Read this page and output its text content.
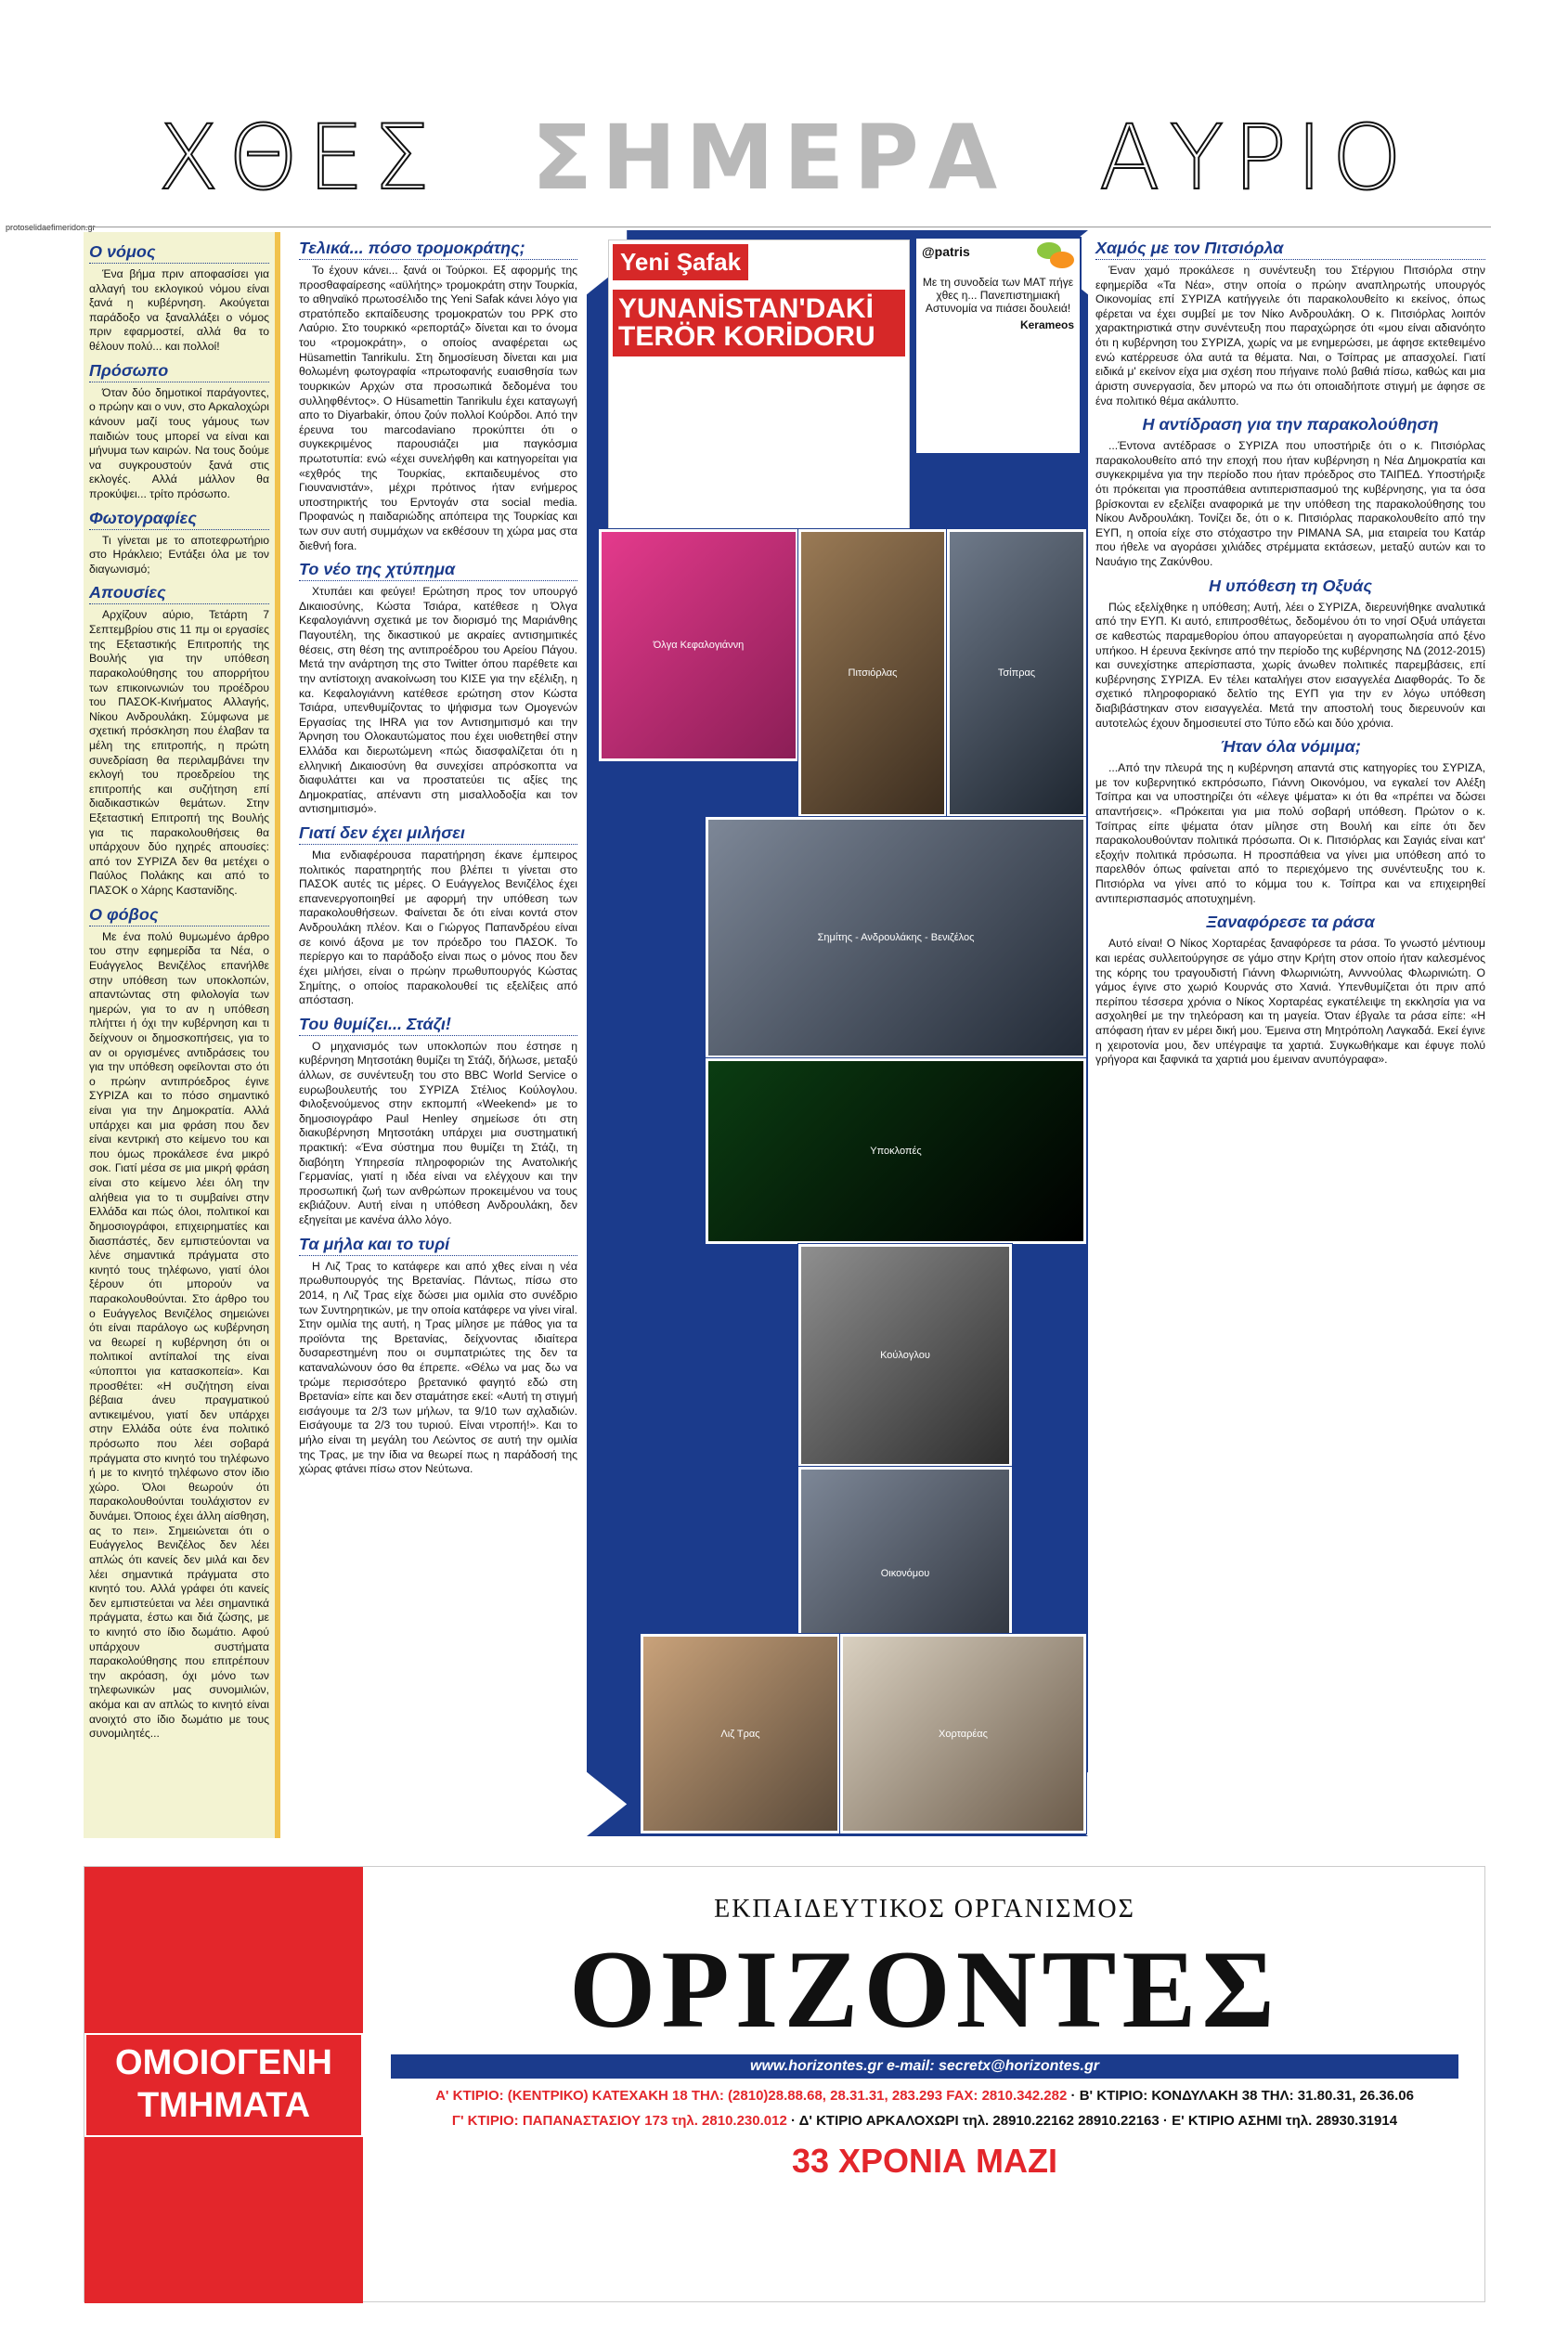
ΧΘΕΣ ΣΗΜΕΡΑ ΑΥΡΙΟ
protoselidaefimeridon.gr
Ο νόμος

Ένα βήμα πριν αποφασίσει για αλλαγή του εκλογικού νόμου είναι ξανά η κυβέρνηση. Ακούγεται παράδοξο να ξαναλλάξει ο νόμος πριν εφαρμοστεί, αλλά θα το θέλουν πολύ... και πολλοί!

Πρόσωπο

Όταν δύο δημοτικοί παράγοντες, ο πρώην και ο νυν, στο Αρκαλοχώρι κάνουν μαζί τους γάμους των παιδιών τους μπορεί να είναι και μήνυμα των καιρών. Να τους δούμε να συγκρουστούν ξανά στις εκλογές. Αλλά μάλλον θα προκύψει... τρίτο πρόσωπο.

Φωτογραφίες

Τι γίνεται με το αποτεφρωτήριο στο Ηράκλειο; Εντάξει όλα με τον διαγωνισμό;

Απουσίες

Αρχίζουν αύριο, Τετάρτη 7 Σεπτεμβρίου στις 11 πμ οι εργασίες της Εξεταστικής Επιτροπής της Βουλής για την υπόθεση παρακολούθησης του απορρήτου των επικοινωνιών του προέδρου του ΠΑΣΟΚ-Κινήματος Αλλαγής, Νίκου Ανδρουλάκη. Σύμφωνα με σχετική πρόσκληση που έλαβαν τα μέλη της επιτροπής, η πρώτη συνεδρίαση θα περιλαμβάνει την εκλογή του προεδρείου της επιτροπής και συζήτηση επί διαδικαστικών θεμάτων. Στην Εξεταστική Επιτροπή της Βουλής για τις παρακολουθήσεις θα υπάρχουν δύο ηχηρές απουσίες: από τον ΣΥΡΙΖΑ δεν θα μετέχει ο Παύλος Πολάκης και από το ΠΑΣΟΚ ο Χάρης Καστανίδης.

Ο φόβος

Με ένα πολύ θυμωμένο άρθρο του στην εφημερίδα τα Νέα, ο Ευάγγελος Βενιζέλος επανήλθε στην υπόθεση των υποκλοπών, απαντώντας στη φιλολογία των ημερών, για το αν η υπόθεση πλήττει ή όχι την κυβέρνηση και τι δείχνουν οι δημοσκοπήσεις, για το αν οι οργισμένες αντιδράσεις του για την υπόθεση οφείλονται στο ότι ο πρώην αντιπρόεδρος έγινε ΣΥΡΙΖΑ και το πόσο σημαντικό είναι για την Δημοκρατία. Αλλά υπάρχει και μια φράση που δεν είναι κεντρική στο κείμενο του και που όμως προκάλεσε ένα μικρό σοκ. Γιατί μέσα σε μια μικρή φράση είναι στο κείμενο λέει όλη την αλήθεια για το τι συμβαίνει στην Ελλάδα και πώς όλοι, πολιτικοί και δημοσιογράφοι, επιχειρηματίες και διασπάστές, δεν εμπιστεύονται να λένε σημαντικά πράγματα στο κινητό τους τηλέφωνο, γιατί όλοι ξέρουν ότι μπορούν να παρακολουθούνται. Στο άρθρο του ο Ευάγγελος Βενιζέλος σημειώνει ότι είναι παράλογο ως κυβέρνηση να θεωρεί η κυβέρνηση ότι οι πολιτικοί αντίπαλοί της είναι «ύποπτοι για κατασκοπεία». Και προσθέτει: «Η συζήτηση είναι βέβαια άνευ πραγματικού αντικειμένου, γιατί δεν υπάρχει στην Ελλάδα ούτε ένα πολιτικό πρόσωπο που λέει σοβαρά πράγματα στο κινητό του τηλέφωνο ή με το κινητό τηλέφωνο στον ίδιο χώρο. Όλοι θεωρούν ότι παρακολουθούνται τουλάχιστον εν δυνάμει. Όποιος έχει άλλη αίσθηση, ας το πει». Σημειώνεται ότι ο Ευάγγελος Βενιζέλος δεν λέει απλώς ότι κανείς δεν μιλά και δεν λέει σημαντικά πράγματα στο κινητό του. Αλλά γράφει ότι κανείς δεν εμπιστεύεται να λέει σημαντικά πράγματα, έστω και διά ζώσης, με το κινητό στο ίδιο δωμάτιο. Αφού υπάρχουν συστήματα παρακολούθησης που επιτρέπουν την ακρόαση, όχι μόνο των τηλεφωνικών μας συνομιλιών, ακόμα και αν απλώς το κινητό είναι ανοιχτό στο ίδιο δωμάτιο με τους συνομιλητές...

Τελικά... πόσο τρομοκράτης;

Το έχουν κάνει... ξανά οι Τούρκοι. Εξ αφορμής της προσθαφαίρεσης «αϋλήτης» τρομοκράτη στην Τουρκία, το αθηναϊκό πρωτοσέλιδο της Yeni Safak κάνει λόγο για στρατόπεδο εκπαίδευσης τρομοκρατών του PPK στο Λαύριο. Στο τουρκικό «ρεπορτάζ» δίνεται και το όνομα του «τρομοκράτη», ο οποίος αναφέρεται ως Hüsamettin Tanrikulu. Στη δημοσίευση δίνεται και μια θολωμένη φωτογραφία «πρωτοφανής ευαισθησία των τουρκικών Αρχών στα προσωπικά δεδομένα του συλληφθέντος». Ο Hüsamettin Tanrikulu έχει καταγωγή απο το Diyarbakir, όπου ζούν πολλοί Κούρδοι. Από την έρευνα του marcodaviano προκύπτει ότι ο συγκεκριμένος παρουσιάζει μια παγκόσμια πρωτοτυπία: ενώ «έχει συνελήφθη και κατηγορείται για «εχθρός της Τουρκίας, εκπαιδευμένος στο Γιουνανιστάν», μέχρι πρότινος ήταν ενήμερος υποστηρικτής του Ερντογάν στα social media. Προφανώς η παιδαριώδης απόπειρα της Τουρκίας και των συν αυτή συμμάχων να εκθέσουν τη χώρα μας στα διεθνή fora.

Το νέο της χτύπημα

Χτυπάει και φεύγει! Ερώτηση προς τον υπουργό Δικαιοσύνης, Κώστα Τσιάρα, κατέθεσε η Όλγα Κεφαλογιάννη σχετικά με τον διορισμό της Μαριάνθης Παγουτέλη, της δικαστικού με ακραίες αντισημιτικές θέσεις, στη θέση της αντιπροέδρου του Αρείου Πάγου. Μετά την ανάρτηση της στο Twitter όπου παρέθετε και την αντίστοιχη ανακοίνωση του ΚΙΣΕ για την εξέλιξη, η κα. Κεφαλογιάννη κατέθεσε ερώτηση στον Κώστα Τσιάρα, υπενθυμίζοντας το ψήφισμα των Ομογενών Εργασίας της IHRA για τον Αντισημιτισμό και την Άρνηση του Ολοκαυτώματος που έχει υιοθετηθεί στην Ελλάδα και διερωτώμενη «πώς διασφαλίζεται ότι η ελληνική Δικαιοσύνη θα συνεχίσει απρόσκοπτα να διαφυλάττει και να προστατεύει τις αξίες της Δημοκρατίας, απέναντι στη μισαλλοδοξία και τον αντισημιτισμό».

Γιατί δεν έχει μιλήσει

Μια ενδιαφέρουσα παρατήρηση έκανε έμπειρος πολιτικός παρατηρητής που βλέπει τι γίνεται στο ΠΑΣΟΚ αυτές τις μέρες. Ο Ευάγγελος Βενιζέλος έχει επανενεργοποιηθεί με αφορμή την υπόθεση των παρακολουθήσεων. Φαίνεται δε ότι είναι κοντά στον Ανδρουλάκη πλέον. Και ο Γιώργος Παπανδρέου είναι σε κοινό άξονα με τον πρόεδρο του ΠΑΣΟΚ. Το περίεργο και το παράδοξο είναι πως ο μόνος που δεν έχει μιλήσει, είναι ο πρώην πρωθυπουργός Κώστας Σημίτης, ο οποίος παρακολουθεί τις εξελίξεις από απόσταση.

Του θυμίζει... Στάζι!

Ο μηχανισμός των υποκλοπών που έστησε η κυβέρνηση Μητσοτάκη θυμίζει τη Στάζι, δήλωσε, μεταξύ άλλων, σε συνέντευξη του στο BBC World Service ο ευρωβουλευτής του ΣΥΡΙΖΑ Στέλιος Κούλογλου. Φιλοξενούμενος στην εκπομπή «Weekend» με το δημοσιογράφο Paul Henley σημείωσε ότι στη διακυβέρνηση Μητσοτάκη υπάρχει μια συστηματική πρακτική: «Ένα σύστημα που θυμίζει τη Στάζι, τη διαβόητη Υπηρεσία πληροφοριών της Ανατολικής Γερμανίας, γιατί η ιδέα είναι να ελέγχουν και την προσωπική ζωή των ανθρώπων προκειμένου να τους εκβιάζουν. Αυτή είναι η υπόθεση Ανδρουλάκη, δεν εξηγείται με κανένα άλλο λόγο.

Τα μήλα και το τυρί

Η Λιζ Τρας το κατάφερε και από χθες είναι η νέα πρωθυπουργός της Βρετανίας. Πάντως, πίσω στο 2014, η Λιζ Τρας είχε δώσει μια ομιλία στο συνέδριο των Συντηρητικών, με την οποία κατάφερε να γίνει viral. Στην ομιλία της αυτή, η Τρας μίλησε με πάθος για τα προϊόντα της Βρετανίας, δείχνοντας ιδιαίτερα δυσαρεστημένη που οι συμπατριώτες της δεν τα καταναλώνουν όσο θα έπρεπε. «Θέλω να μας δω να τρώμε περισσότερο βρετανικό φαγητό εδώ στη Βρετανία» είπε και δεν σταμάτησε εκεί: «Αυτή τη στιγμή εισάγουμε τα 2/3 των μήλων, τα 9/10 των αχλαδιών. Εισάγουμε τα 2/3 του τυριού. Είναι ντροπή!». Και το μήλο είναι τη μεγάλη του Λεώντος σε αυτή την ομιλία της Τρας, με την ίδια να θεωρεί πως η παράδοσή της χώρας φτάνει πίσω στον Νεύτωνα.

Yeni Şafak
YUNANİSTAN'DAKİ TERÖR KORİDORU
@patris
Με τη συνοδεία των ΜΑΤ πήγε χθες η... Πανεπιστημιακή Αστυνομία να πιάσει δουλειά!
Kerameos
Όλγα Κεφαλογιάννη
Πιτσιόρλας	Τσίπρας
Σημίτης - Ανδρουλάκης - Βενιζέλος
Υποκλοπές
Κούλογλου
Οικονόμου
Λιζ Τρας	Χορταρέας
Χαμός με τον Πιτσιόρλα

Έναν χαμό προκάλεσε η συνέντευξη του Στέργιου Πιτσιόρλα στην εφημερίδα «Τα Νέα», στην οποία ο πρώην αναπληρωτής υπουργός Οικονομίας επί ΣΥΡΙΖΑ κατήγγειλε ότι παρακολουθείτο κι εκείνος, όπως φέρεται να έχει συμβεί με τον Νίκο Ανδρουλάκη. Ο κ. Πιτσιόρλας λοιπόν χαρακτηριστικά στην συνέντευξη που παραχώρησε ότι «μου είναι αδιανόητο ότι η κυβέρνηση του ΣΥΡΙΖΑ, χωρίς να με ενημερώσει, με άφησε εκτεθειμένο ενώ κατέρρευσε όλα αυτά τα θέματα. Ναι, ο Τσίπρας με απασχολεί. Γιατί ειδικά μ' εκείνον είχα μια σχέση που πήγαινε πολύ βαθιά πίσω, καθώς και μια άριστη συνεργασία, δεν μπορώ να πω ότι οποιαδήποτε στιγμή με άφησε σε ένα πολιτικό θέμα ακάλυπτο.

Η αντίδραση για την παρακολούθηση

...Έντονα αντέδρασε ο ΣΥΡΙΖΑ που υποστήριξε ότι ο κ. Πιτσιόρλας παρακολουθείτο από την εποχή που ήταν κυβέρνηση η Νέα Δημοκρατία και συγκεκριμένα για την περίοδο που ήταν πρόεδρος στο ΤΑΙΠΕΔ. Υποστήριξε ότι πρόκειται για προσπάθεια αντιπερισπασμού της κυβέρνησης, για τα όσα βρίσκονται εν εξελίξει αναφορικά με την υπόθεση της παρακολούθησης του Νίκου Ανδρουλάκη. Τονίζει δε, ότι ο κ. Πιτσιόρλας παρακολουθείτο από την ΕΥΠ, η οποία είχε στο στόχαστρο την PIMANA SA, μια εταιρεία του Κατάρ που ήθελε να αγοράσει χιλιάδες στρέμματα εκτάσεων, μεταξύ αυτών και το Ναυάγιο της Ζακύνθου.

Η υπόθεση τη Οξυάς

Πώς εξελίχθηκε η υπόθεση; Αυτή, λέει ο ΣΥΡΙΖΑ, διερευνήθηκε αναλυτικά από την ΕΥΠ. Κι αυτό, επιπροσθέτως, δεδομένου ότι το νησί Οξυά υπάγεται σε καθεστώς παραμεθορίου όπου απαγορεύεται η αγοραπωλησία από ξένο υπήκοο. Η έρευνα ξεκίνησε από την περίοδο της κυβέρνησης ΝΔ (2012-2015) και συνεχίστηκε απερίσπαστα, χωρίς άνωθεν πολιτικές παρεμβάσεις, επί κυβέρνησης ΣΥΡΙΖΑ. Εν τέλει καταλήγει στον εισαγγελέα Διαφθοράς. Το δε σχετικό πληροφοριακό δελτίο της ΕΥΠ για την εν λόγω υπόθεση διαβιβάστηκαν στον εισαγγελέα. Μετά την αποστολή τους διερευνούν και αυτοτελώς έχουν δημοσιευτεί στο Τύπο εδώ και δύο χρόνια.

Ήταν όλα νόμιμα;

...Από την πλευρά της η κυβέρνηση απαντά στις κατηγορίες του ΣΥΡΙΖΑ, με τον κυβερνητικό εκπρόσωπο, Γιάννη Οικονόμου, να εγκαλεί τον Αλέξη Τσίπρα και να υποστηρίζει ότι «έλεγε ψέματα» κι ότι θα «πρέπει να δώσει απαντήσεις». «Πρόκειται για μια πολύ σοβαρή υπόθεση. Πρώτον ο κ. Τσίπρας είπε ψέματα όταν μίλησε στη Βουλή και είπε ότι δεν παρακολουθούνταν πολιτικά πρόσωπα. Οι κ. Πιτσιόρλας και Σαγιάς είναι κατ' εξοχήν πολιτικά πρόσωπα. Η προσπάθεια να γίνει μια υπόθεση από το παρελθόν όπως φαίνεται από το περιεχόμενο της συνέντευξης του κ. Πιτσιόρλα να γίνει από το κόμμα του κ. Τσίπρα και να επιχειρηθεί αντιπερισπασμός αποτυχημένη.

Ξαναφόρεσε τα ράσα

Αυτό είναι! Ο Νίκος Χορταρέας ξαναφόρεσε τα ράσα. Το γνωστό μέντιουμ και ιερέας συλλειτούργησε σε γάμο στην Κρήτη στον οποίο ήταν καλεσμένος της κόρης του τραγουδιστή Γιάννη Φλωρινιώτη, Ανννούλας Φλωρινιώτη. Ο γάμος έγινε στο χωριό Κουρνάς στο Χανιά. Υπενθυμίζεται ότι πριν από περίπου τέσσερα χρόνια ο Νίκος Χορταρέας εγκατέλειψε τη εκκλησία για να ασχοληθεί με την τηλεόραση και τη μαγεία. Όταν έβγαλε τα ράσα είπε: «Η απόφαση ήταν εν μέρει δική μου. Έμεινα στη Μητρόπολη Λαγκαδά. Εκεί έγινε η χειροτονία μου, δεν υπέγραψε τα χαρτιά. Συγκωθήκαμε και έφυγε πολύ γρήγορα και ξαφνικά τα χαρτιά μου έμειναν ανυπόγραφα».

ΟΜΟΙΟΓΕΝΗ ΤΜΗΜΑΤΑ
ΕΚΠΑΙΔΕΥΤΙΚΟΣ ΟΡΓΑΝΙΣΜΟΣ
ΟΡΙΖΟΝΤΕΣ
www.horizontes.gr e-mail: secretx@horizontes.gr
Α' ΚΤΙΡΙΟ: (ΚΕΝΤΡΙΚΟ) ΚΑΤΕΧΑΚΗ 18 ΤΗΛ: (2810)28.88.68, 28.31.31, 283.293 FAX: 2810.342.282 · Β' ΚΤΙΡΙΟ: ΚΟΝΔΥΛΑΚΗ 38 ΤΗΛ: 31.80.31, 26.36.06
Γ' ΚΤΙΡΙΟ: ΠΑΠΑΝΑΣΤΑΣΙΟΥ 173 τηλ. 2810.230.012 · Δ' ΚΤΙΡΙΟ ΑΡΚΑΛΟΧΩΡΙ τηλ. 28910.22162 28910.22163 · Ε' ΚΤΙΡΙΟ ΑΣΗΜΙ τηλ. 28930.31914
33 ΧΡΟΝΙΑ ΜΑΖΙ
